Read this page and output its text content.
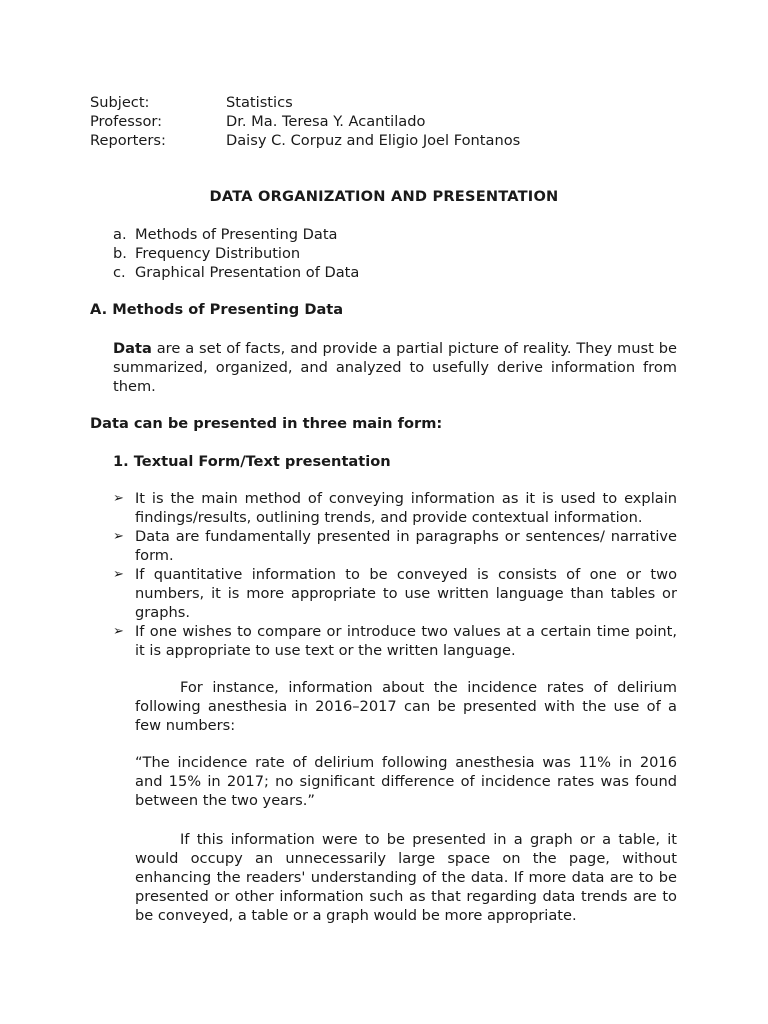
Subject:	Statistics
Professor:	Dr. Ma. Teresa Y. Acantilado
Reporters:	Daisy C. Corpuz and Eligio Joel Fontanos
DATA ORGANIZATION AND PRESENTATION
a. Methods of Presenting Data
b. Frequency Distribution
c. Graphical Presentation of Data
A. Methods of Presenting Data
Data are a set of facts, and provide a partial picture of reality. They must be summarized, organized, and analyzed to usefully derive information from them.
Data can be presented in three main form:
1. Textual Form/Text presentation
➢ It is the main method of conveying information as it is used to explain findings/results, outlining trends, and provide contextual information.
➢ Data are fundamentally presented in paragraphs or sentences/ narrative form.
➢ If quantitative information to be conveyed is consists of one or two numbers, it is more appropriate to use written language than tables or graphs.
➢ If one wishes to compare or introduce two values at a certain time point, it is appropriate to use text or the written language.
For instance, information about the incidence rates of delirium following anesthesia in 2016–2017 can be presented with the use of a few numbers:
“The incidence rate of delirium following anesthesia was 11% in 2016 and 15% in 2017; no significant difference of incidence rates was found between the two years.”
If this information were to be presented in a graph or a table, it would occupy an unnecessarily large space on the page, without enhancing the readers' understanding of the data. If more data are to be presented or other information such as that regarding data trends are to be conveyed, a table or a graph would be more appropriate.
